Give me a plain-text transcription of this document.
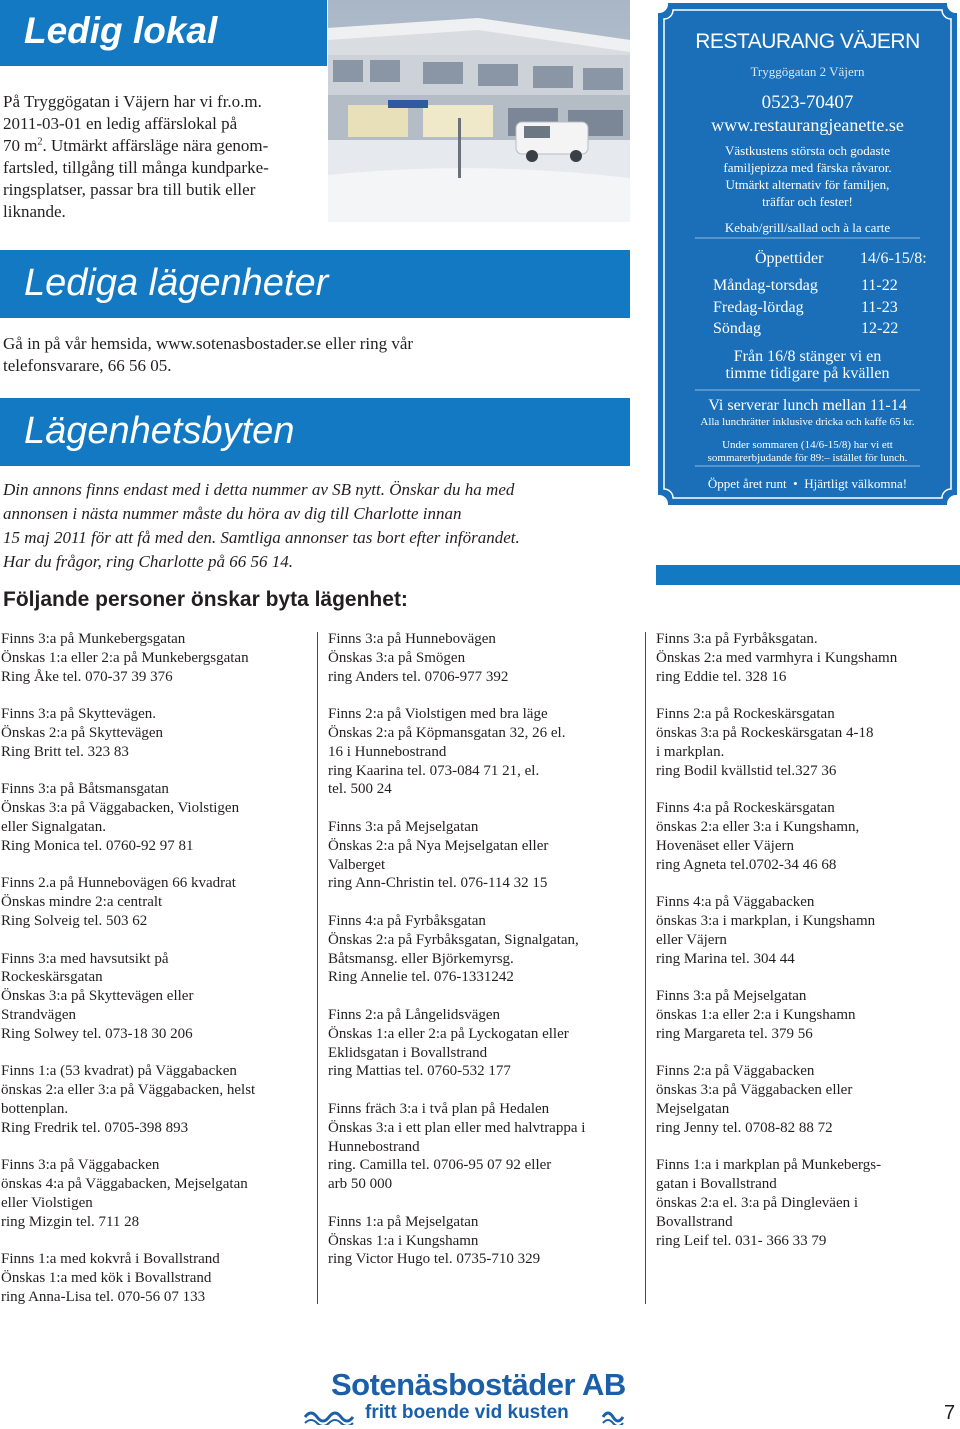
Ledig lokal
På Tryggögatan i Väjern har vi fr.o.m.
2011-03-01 en ledig affärslokal på
70 $m^2$. Utmärkt affärsläge nära genom-
fartsled, tillgång till många kundparke-
ringsplatser, passar bra till butik eller
liknande.
Lediga lägenheter
Gå in på vår hemsida, www.sotenasbostader.se eller ring vår
telefonsvarare, 66 56 05.
Lägenhetsbyten
Din annons finns endast med i detta nummer av SB nytt. Önskar du ha med
annonsen i nästa nummer måste du höra av dig till Charlotte innan
15 maj 2011 för att få med den. Samtliga annonser tas bort efter införandet.
Har du frågor, ring Charlotte på 66 56 14.
Följande personer önskar byta lägenhet:
RESTAURANG VÄJERN
Tryggögatan 2 Väjern
0523-70407
www.restaurangjeanette.se
Västkustens största och godaste
familjepizza med färska råvaror.
Utmärkt alternativ för familjen,
träffar och fester!
Kebab/grill/sallad och à la carte
Öppettider 14/6-15/8:
Måndag-torsdag	11-22
Fredag-lördag	11-23
Söndag	12-22
Från 16/8 stänger vi en
timme tidigare på kvällen
Vi serverar lunch mellan 11-14
Alla lunchrätter inklusive dricka och kaffe 65 kr.
Under sommaren (14/6-15/8) har vi ett
sommarerbjudande för 89:– istället för lunch.
Öppet året runt  •  Hjärtligt välkomna!
Finns 3:a på Munkebergsgatan
Önskas 1:a eller 2:a på Munkebergsgatan
Ring Åke tel. 070-37 39 376
Finns 3:a på Skyttevägen.
Önskas 2:a på Skyttevägen
Ring Britt tel. 323 83
Finns 3:a på Båtsmansgatan
Önskas 3:a på Väggabacken, Violstigen
eller Signalgatan.
Ring Monica tel. 0760-92 97 81
Finns 2.a på Hunnebovägen 66 kvadrat
Önskas mindre 2:a centralt
Ring Solveig tel. 503 62
Finns 3:a med havsutsikt på
Rockeskärsgatan
Önskas 3:a på Skyttevägen eller
Strandvägen
Ring Solwey tel. 073-18 30 206
Finns 1:a (53 kvadrat) på Väggabacken
önskas 2:a eller 3:a på Väggabacken, helst
bottenplan.
Ring Fredrik tel. 0705-398 893
Finns 3:a på Väggabacken
önskas 4:a på Väggabacken, Mejselgatan
eller Violstigen
ring Mizgin tel. 711 28
Finns 1:a med kokvrå i Bovallstrand
Önskas 1:a med kök i Bovallstrand
ring Anna-Lisa tel. 070-56 07 133
Finns 3:a på Hunnebovägen
Önskas 3:a på Smögen
ring Anders tel. 0706-977 392
Finns 2:a på Violstigen med bra läge
Önskas 2:a på Köpmansgatan 32, 26 el.
16 i Hunnebostrand
ring Kaarina tel. 073-084 71 21, el.
tel. 500 24
Finns 3:a på Mejselgatan
Önskas 2:a på Nya Mejselgatan eller
Valberget
ring Ann-Christin tel. 076-114 32 15
Finns 4:a på Fyrbåksgatan
Önskas 2:a på Fyrbåksgatan, Signalgatan,
Båtsmansg. eller Björkemyrsg.
Ring Annelie tel. 076-1331242
Finns 2:a på Långelidsvägen
Önskas 1:a eller 2:a på Lyckogatan eller
Eklidsgatan i Bovallstrand
ring Mattias tel. 0760-532 177
Finns fräch 3:a i två plan på Hedalen
Önskas 3:a i ett plan eller med halvtrappa i
Hunnebostrand
ring. Camilla tel. 0706-95 07 92 eller
arb 50 000
Finns 1:a på Mejselgatan
Önskas 1:a i Kungshamn
ring Victor Hugo tel. 0735-710 329
Finns 3:a på Fyrbåksgatan.
Önskas 2:a med varmhyra i Kungshamn
ring Eddie tel. 328 16
Finns 2:a på Rockeskärsgatan
önskas 3:a på Rockeskärsgatan 4-18
i markplan.
ring Bodil kvällstid tel.327 36
Finns 4:a på Rockeskärsgatan
önskas 2:a eller 3:a i Kungshamn,
Hovenäset eller Väjern
ring Agneta tel.0702-34 46 68
Finns 4:a på Väggabacken
önskas 3:a i markplan, i Kungshamn
eller Väjern
ring Marina tel. 304 44
Finns 3:a på Mejselgatan
önskas 1:a eller 2:a i Kungshamn
ring Margareta tel. 379 56
Finns 2:a på Väggabacken
önskas 3:a på Väggabacken eller
Mejselgatan
ring Jenny tel. 0708-82 88 72
Finns 1:a i markplan på Munkebergs-
gatan i Bovallstrand
önskas 2:a el. 3:a på Dingleväen i
Bovallstrand
ring Leif tel. 031- 366 33 79
Sotenäsbostäder AB
fritt boende vid kusten	7
